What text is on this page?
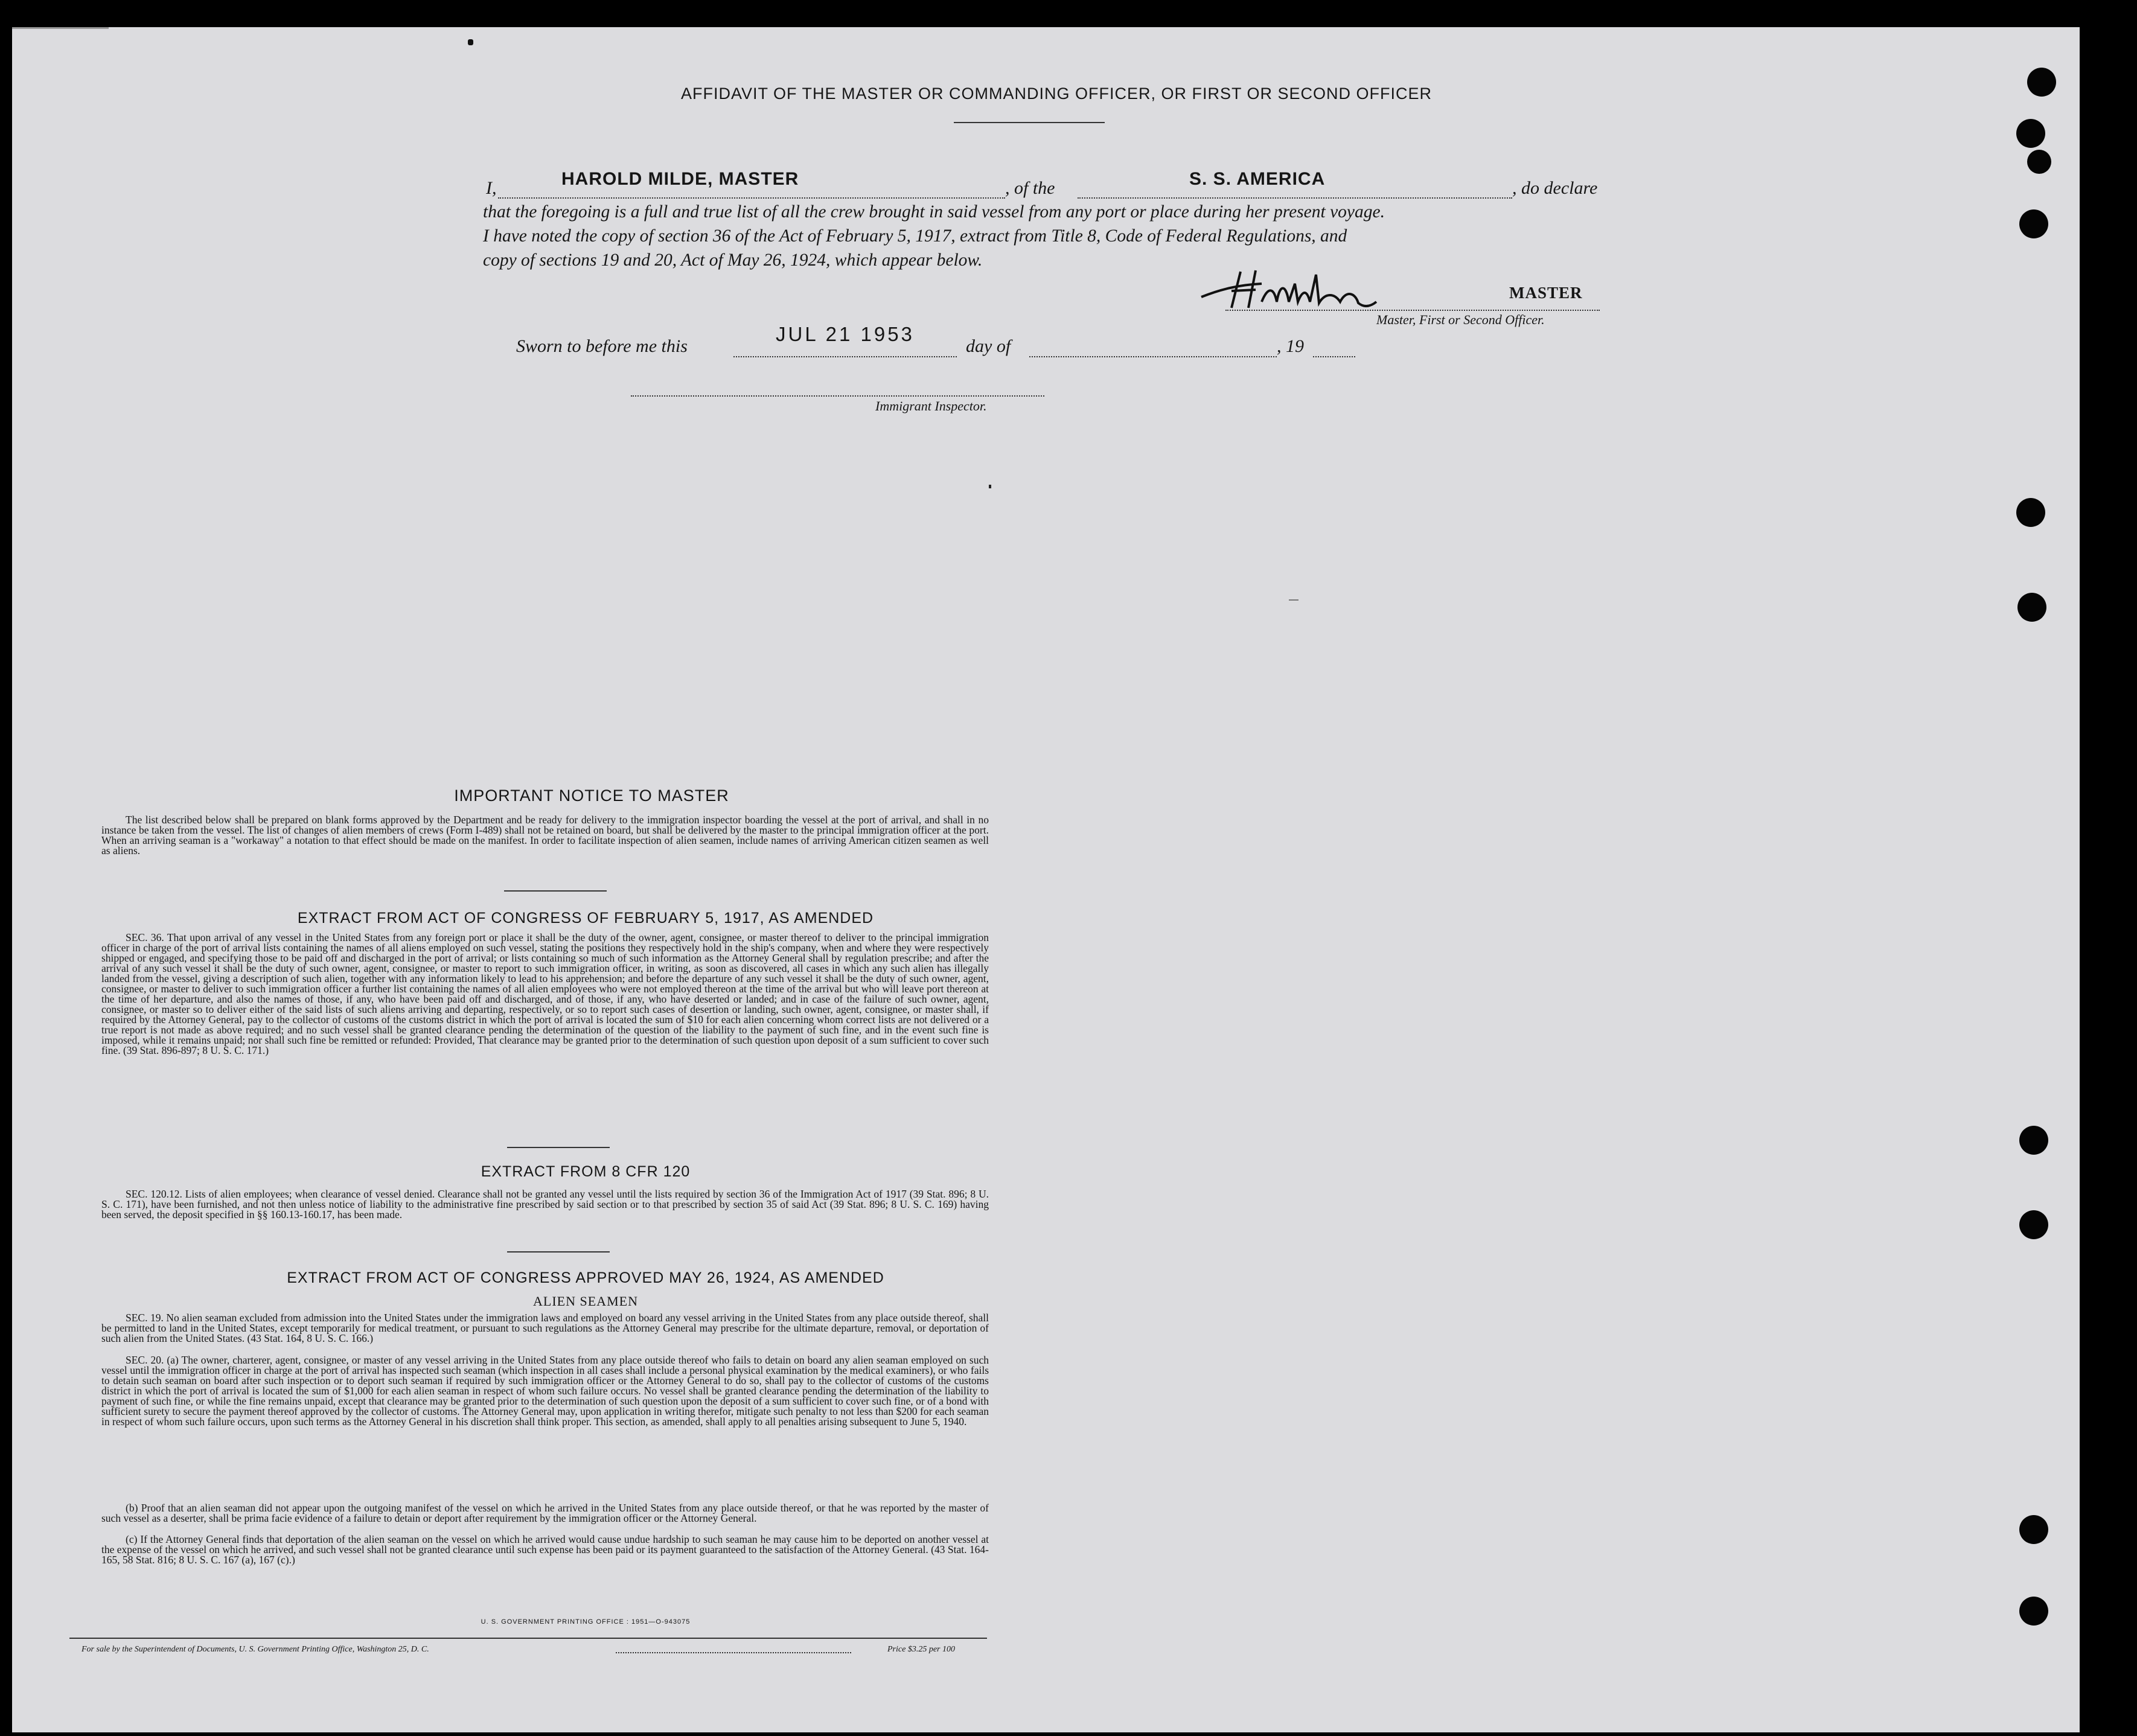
AFFIDAVIT OF THE MASTER OR COMMANDING OFFICER, OR FIRST OR SECOND OFFICER
I,	HAROLD MILDE, MASTER	, of the	S. S. AMERICA	, do declare
that the foregoing is a full and true list of all the crew brought in said vessel from any port or place during her present voyage.
I have noted the copy of section 36 of the Act of February 5, 1917, extract from Title 8, Code of Federal Regulations, and
copy of sections 19 and 20, Act of May 26, 1924, which appear below.
MASTER
Master, First or Second Officer.
Sworn to before me this
JUL 21 1953
day of	, 19
Immigrant Inspector.
IMPORTANT NOTICE TO MASTER
The list described below shall be prepared on blank forms approved by the Department and be ready for delivery to the immigration inspector boarding the vessel at the port of arrival, and shall in no instance be taken from the vessel. The list of changes of alien members of crews (Form I-489) shall not be retained on board, but shall be delivered by the master to the principal immigration officer at the port. When an arriving seaman is a "workaway" a notation to that effect should be made on the manifest. In order to facilitate inspection of alien seamen, include names of arriving American citizen seamen as well as aliens.
EXTRACT FROM ACT OF CONGRESS OF FEBRUARY 5, 1917, AS AMENDED
SEC. 36. That upon arrival of any vessel in the United States from any foreign port or place it shall be the duty of the owner, agent, consignee, or master thereof to deliver to the principal immigration officer in charge of the port of arrival lists containing the names of all aliens employed on such vessel, stating the positions they respectively hold in the ship's company, when and where they were respectively shipped or engaged, and specifying those to be paid off and discharged in the port of arrival; or lists containing so much of such information as the Attorney General shall by regulation prescribe; and after the arrival of any such vessel it shall be the duty of such owner, agent, consignee, or master to report to such immigration officer, in writing, as soon as discovered, all cases in which any such alien has illegally landed from the vessel, giving a description of such alien, together with any information likely to lead to his apprehension; and before the departure of any such vessel it shall be the duty of such owner, agent, consignee, or master to deliver to such immigration officer a further list containing the names of all alien employees who were not employed thereon at the time of the arrival but who will leave port thereon at the time of her departure, and also the names of those, if any, who have been paid off and discharged, and of those, if any, who have deserted or landed; and in case of the failure of such owner, agent, consignee, or master so to deliver either of the said lists of such aliens arriving and departing, respectively, or so to report such cases of desertion or landing, such owner, agent, consignee, or master shall, if required by the Attorney General, pay to the collector of customs of the customs district in which the port of arrival is located the sum of $10 for each alien concerning whom correct lists are not delivered or a true report is not made as above required; and no such vessel shall be granted clearance pending the determination of the question of the liability to the payment of such fine, and in the event such fine is imposed, while it remains unpaid; nor shall such fine be remitted or refunded: Provided, That clearance may be granted prior to the determination of such question upon deposit of a sum sufficient to cover such fine. (39 Stat. 896-897; 8 U. S. C. 171.)
EXTRACT FROM 8 CFR 120
SEC. 120.12. Lists of alien employees; when clearance of vessel denied. Clearance shall not be granted any vessel until the lists required by section 36 of the Immigration Act of 1917 (39 Stat. 896; 8 U. S. C. 171), have been furnished, and not then unless notice of liability to the administrative fine prescribed by said section or to that prescribed by section 35 of said Act (39 Stat. 896; 8 U. S. C. 169) having been served, the deposit specified in §§ 160.13-160.17, has been made.
EXTRACT FROM ACT OF CONGRESS APPROVED MAY 26, 1924, AS AMENDED
ALIEN SEAMEN
SEC. 19. No alien seaman excluded from admission into the United States under the immigration laws and employed on board any vessel arriving in the United States from any place outside thereof, shall be permitted to land in the United States, except temporarily for medical treatment, or pursuant to such regulations as the Attorney General may prescribe for the ultimate departure, removal, or deportation of such alien from the United States. (43 Stat. 164, 8 U. S. C. 166.)
SEC. 20. (a) The owner, charterer, agent, consignee, or master of any vessel arriving in the United States from any place outside thereof who fails to detain on board any alien seaman employed on such vessel until the immigration officer in charge at the port of arrival has inspected such seaman (which inspection in all cases shall include a personal physical examination by the medical examiners), or who fails to detain such seaman on board after such inspection or to deport such seaman if required by such immigration officer or the Attorney General to do so, shall pay to the collector of customs of the customs district in which the port of arrival is located the sum of $1,000 for each alien seaman in respect of whom such failure occurs. No vessel shall be granted clearance pending the determination of the liability to payment of such fine, or while the fine remains unpaid, except that clearance may be granted prior to the determination of such question upon the deposit of a sum sufficient to cover such fine, or of a bond with sufficient surety to secure the payment thereof approved by the collector of customs. The Attorney General may, upon application in writing therefor, mitigate such penalty to not less than $200 for each seaman in respect of whom such failure occurs, upon such terms as the Attorney General in his discretion shall think proper. This section, as amended, shall apply to all penalties arising subsequent to June 5, 1940.
(b) Proof that an alien seaman did not appear upon the outgoing manifest of the vessel on which he arrived in the United States from any place outside thereof, or that he was reported by the master of such vessel as a deserter, shall be prima facie evidence of a failure to detain or deport after requirement by the immigration officer or the Attorney General.
(c) If the Attorney General finds that deportation of the alien seaman on the vessel on which he arrived would cause undue hardship to such seaman he may cause him to be deported on another vessel at the expense of the vessel on which he arrived, and such vessel shall not be granted clearance until such expense has been paid or its payment guaranteed to the satisfaction of the Attorney General. (43 Stat. 164-165, 58 Stat. 816; 8 U. S. C. 167 (a), 167 (c).)
U. S. GOVERNMENT PRINTING OFFICE : 1951—O-943075
For sale by the Superintendent of Documents, U. S. Government Printing Office, Washington 25, D. C.	Price $3.25 per 100
